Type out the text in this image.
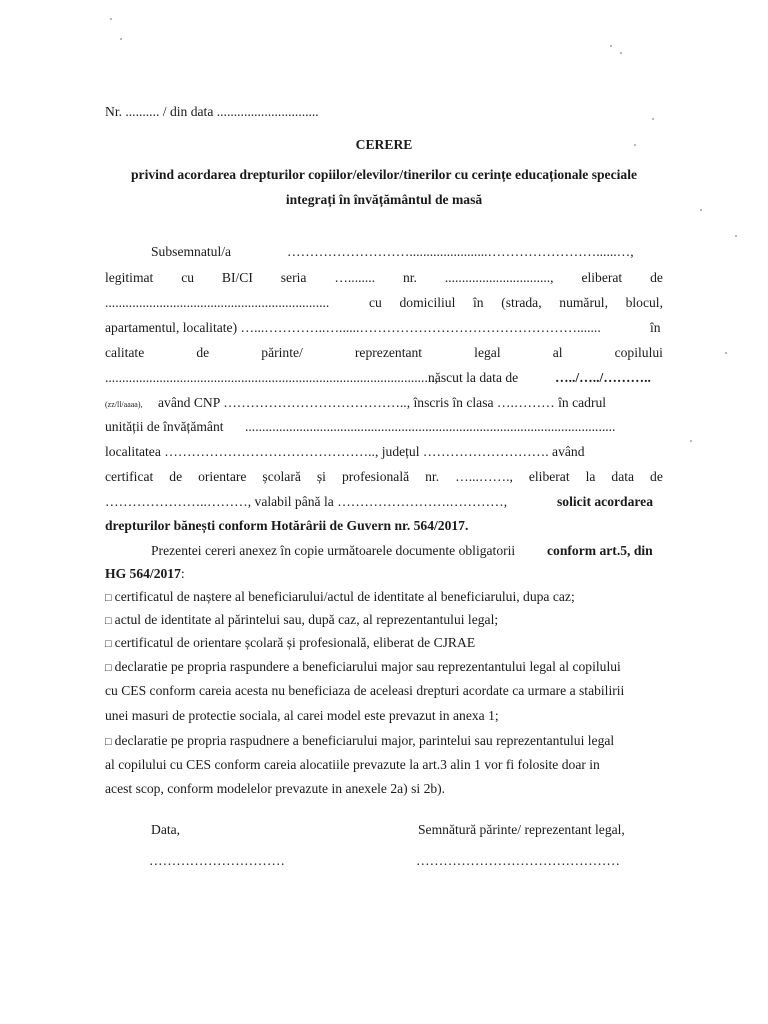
Nr. .......... / din data ..............................
CERERE
privind acordarea drepturilor copiilor/elevilor/tinerilor cu cerințe educaționale speciale
integrați în învățământul de masă
Subsemnatul/a	……………………….......................……………………......…,
legitimat cu BI/CI seria …........ nr. ..............................., eliberat de
..................................................................	cu domiciliul în (strada, numărul, blocul,
apartamentul, localitate) …...…………..…......………………………………………….......	în
calitate	de	părinte/	reprezentant	legal	al	copilului
.................................................................................................,
născut la data de	…../…../………..
(zz/ll/aaaa), având CNP ………………………………….., înscris în clasa ….……… în cadrul
unității de învățământ .............................................................................................................
localitatea ……………………………………….., județul ………………………. având
certificat de orientare școlară și profesională nr. …...……., eliberat la data de
…………………..………, valabil până la …………………….…………,	solicit acordarea
drepturilor bănești conform Hotărârii de Guvern nr. 564/2017.
Prezentei cereri anexez în copie următoarele documente obligatorii conform art.5, din
HG 564/2017:
□ certificatul de naștere al beneficiarului/actul de identitate al beneficiarului, dupa caz;
□ actul de identitate al părintelui sau, după caz, al reprezentantului legal;
□ certificatul de orientare școlară și profesională, eliberat de CJRAE
□ declaratie pe propria raspundere a beneficiarului major sau reprezentantului legal al copilului
cu CES conform careia acesta nu beneficiaza de aceleasi drepturi acordate ca urmare a stabilirii
unei masuri de protectie sociala, al carei model este prevazut in anexa 1;
□ declaratie pe propria raspudnere a beneficiarului major, parintelui sau reprezentantului legal
al copilului cu CES conform careia alocatiile prevazute la art.3 alin 1 vor fi folosite doar in
acest scop, conform modelelor prevazute in anexele 2a) si 2b).
Data,	Semnătură părinte/ reprezentant legal,
…………………………	………………………………………
